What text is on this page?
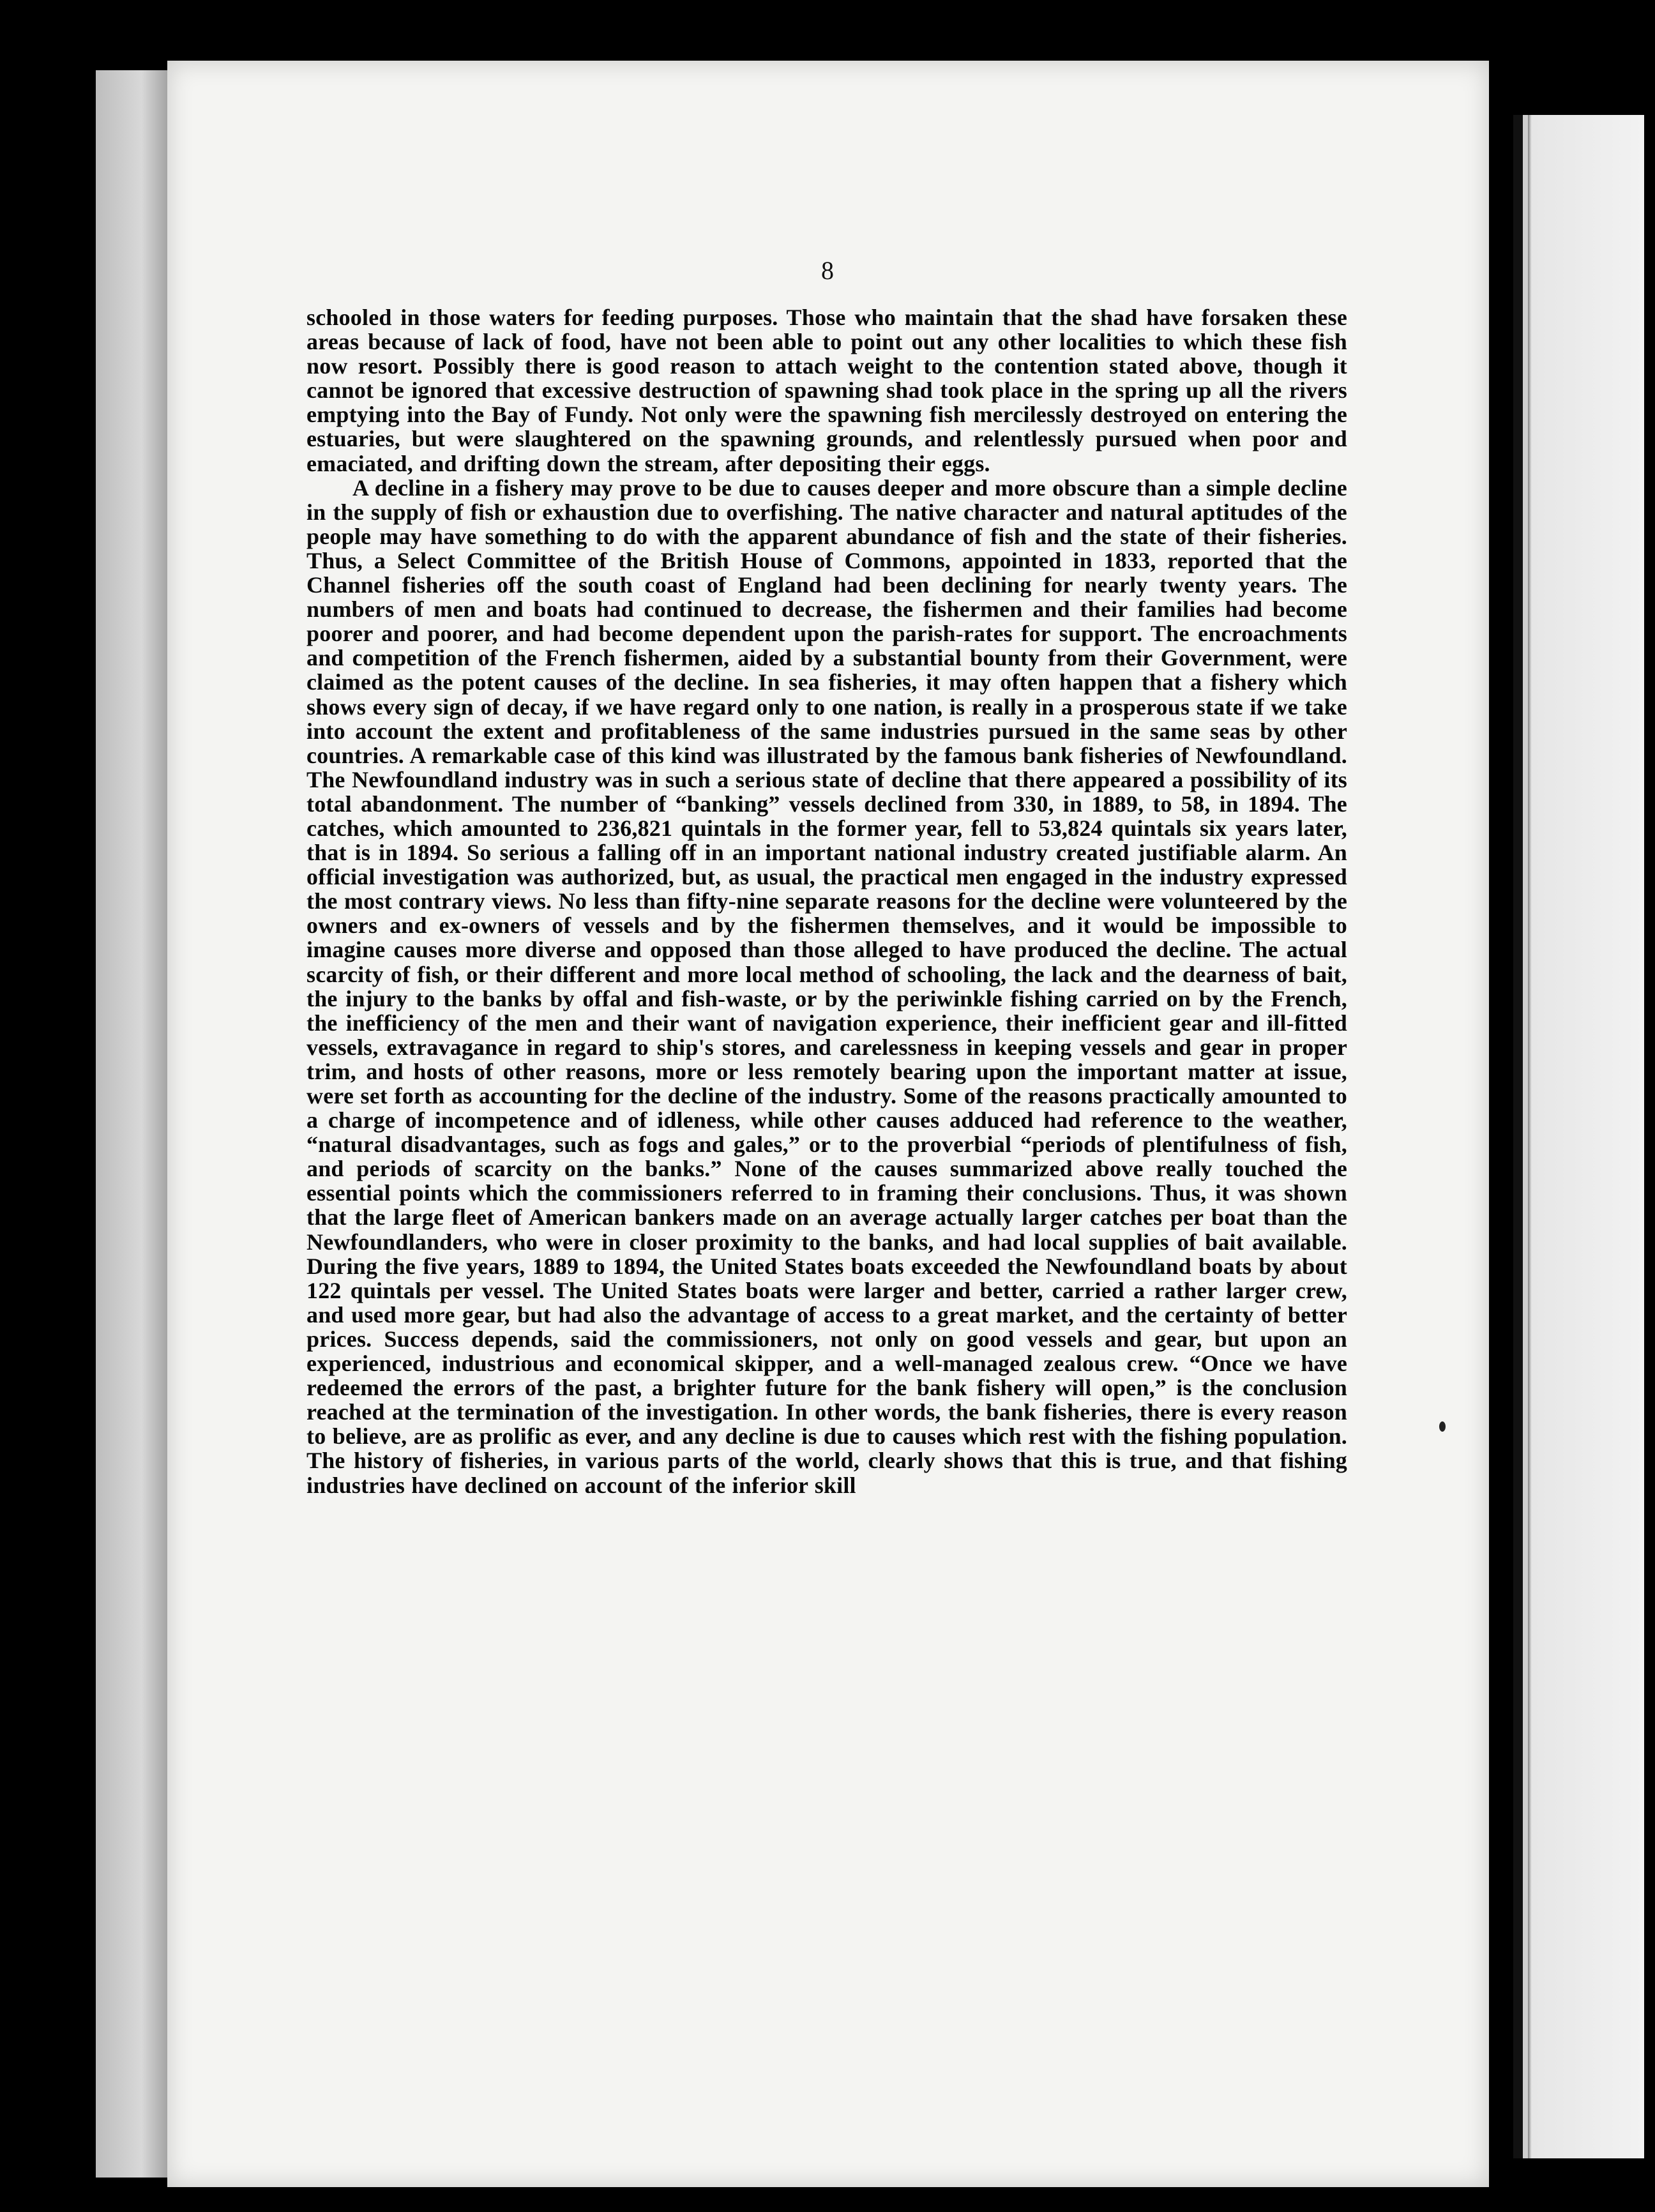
8

schooled in those waters for feeding purposes. Those who maintain that the shad have forsaken these areas because of lack of food, have not been able to point out any other localities to which these fish now resort. Possibly there is good reason to attach weight to the contention stated above, though it cannot be ignored that excessive destruction of spawning shad took place in the spring up all the rivers emptying into the Bay of Fundy. Not only were the spawning fish mercilessly destroyed on entering the estuaries, but were slaughtered on the spawning grounds, and relentlessly pursued when poor and emaciated, and drifting down the stream, after depositing their eggs.

A decline in a fishery may prove to be due to causes deeper and more obscure than a simple decline in the supply of fish or exhaustion due to overfishing. The native character and natural aptitudes of the people may have something to do with the apparent abundance of fish and the state of their fisheries. Thus, a Select Committee of the British House of Commons, appointed in 1833, reported that the Channel fisheries off the south coast of England had been declining for nearly twenty years. The numbers of men and boats had continued to decrease, the fishermen and their families had become poorer and poorer, and had become dependent upon the parish-rates for support. The encroachments and competition of the French fishermen, aided by a substantial bounty from their Government, were claimed as the potent causes of the decline. In sea fisheries, it may often happen that a fishery which shows every sign of decay, if we have regard only to one nation, is really in a prosperous state if we take into account the extent and profitableness of the same industries pursued in the same seas by other countries. A remarkable case of this kind was illustrated by the famous bank fisheries of Newfoundland. The Newfoundland industry was in such a serious state of decline that there appeared a possibility of its total abandonment. The number of “banking” vessels declined from 330, in 1889, to 58, in 1894. The catches, which amounted to 236,821 quintals in the former year, fell to 53,824 quintals six years later, that is in 1894. So serious a falling off in an important national industry created justifiable alarm. An official investigation was authorized, but, as usual, the practical men engaged in the industry expressed the most contrary views. No less than fifty-nine separate reasons for the decline were volunteered by the owners and ex-owners of vessels and by the fishermen themselves, and it would be impossible to imagine causes more diverse and opposed than those alleged to have produced the decline. The actual scarcity of fish, or their different and more local method of schooling, the lack and the dearness of bait, the injury to the banks by offal and fish-waste, or by the periwinkle fishing carried on by the French, the inefficiency of the men and their want of navigation experience, their inefficient gear and ill-fitted vessels, extravagance in regard to ship's stores, and carelessness in keeping vessels and gear in proper trim, and hosts of other reasons, more or less remotely bearing upon the important matter at issue, were set forth as accounting for the decline of the industry. Some of the reasons practically amounted to a charge of incompetence and of idleness, while other causes adduced had reference to the weather, “natural disadvantages, such as fogs and gales,” or to the proverbial “periods of plentifulness of fish, and periods of scarcity on the banks.” None of the causes summarized above really touched the essential points which the commissioners referred to in framing their conclusions. Thus, it was shown that the large fleet of American bankers made on an average actually larger catches per boat than the Newfoundlanders, who were in closer proximity to the banks, and had local supplies of bait available. During the five years, 1889 to 1894, the United States boats exceeded the Newfoundland boats by about 122 quintals per vessel. The United States boats were larger and better, carried a rather larger crew, and used more gear, but had also the advantage of access to a great market, and the certainty of better prices. Success depends, said the commissioners, not only on good vessels and gear, but upon an experienced, industrious and economical skipper, and a well-managed zealous crew. “Once we have redeemed the errors of the past, a brighter future for the bank fishery will open,” is the conclusion reached at the termination of the investigation. In other words, the bank fisheries, there is every reason to believe, are as prolific as ever, and any decline is due to causes which rest with the fishing population. The history of fisheries, in various parts of the world, clearly shows that this is true, and that fishing industries have declined on account of the inferior skill
